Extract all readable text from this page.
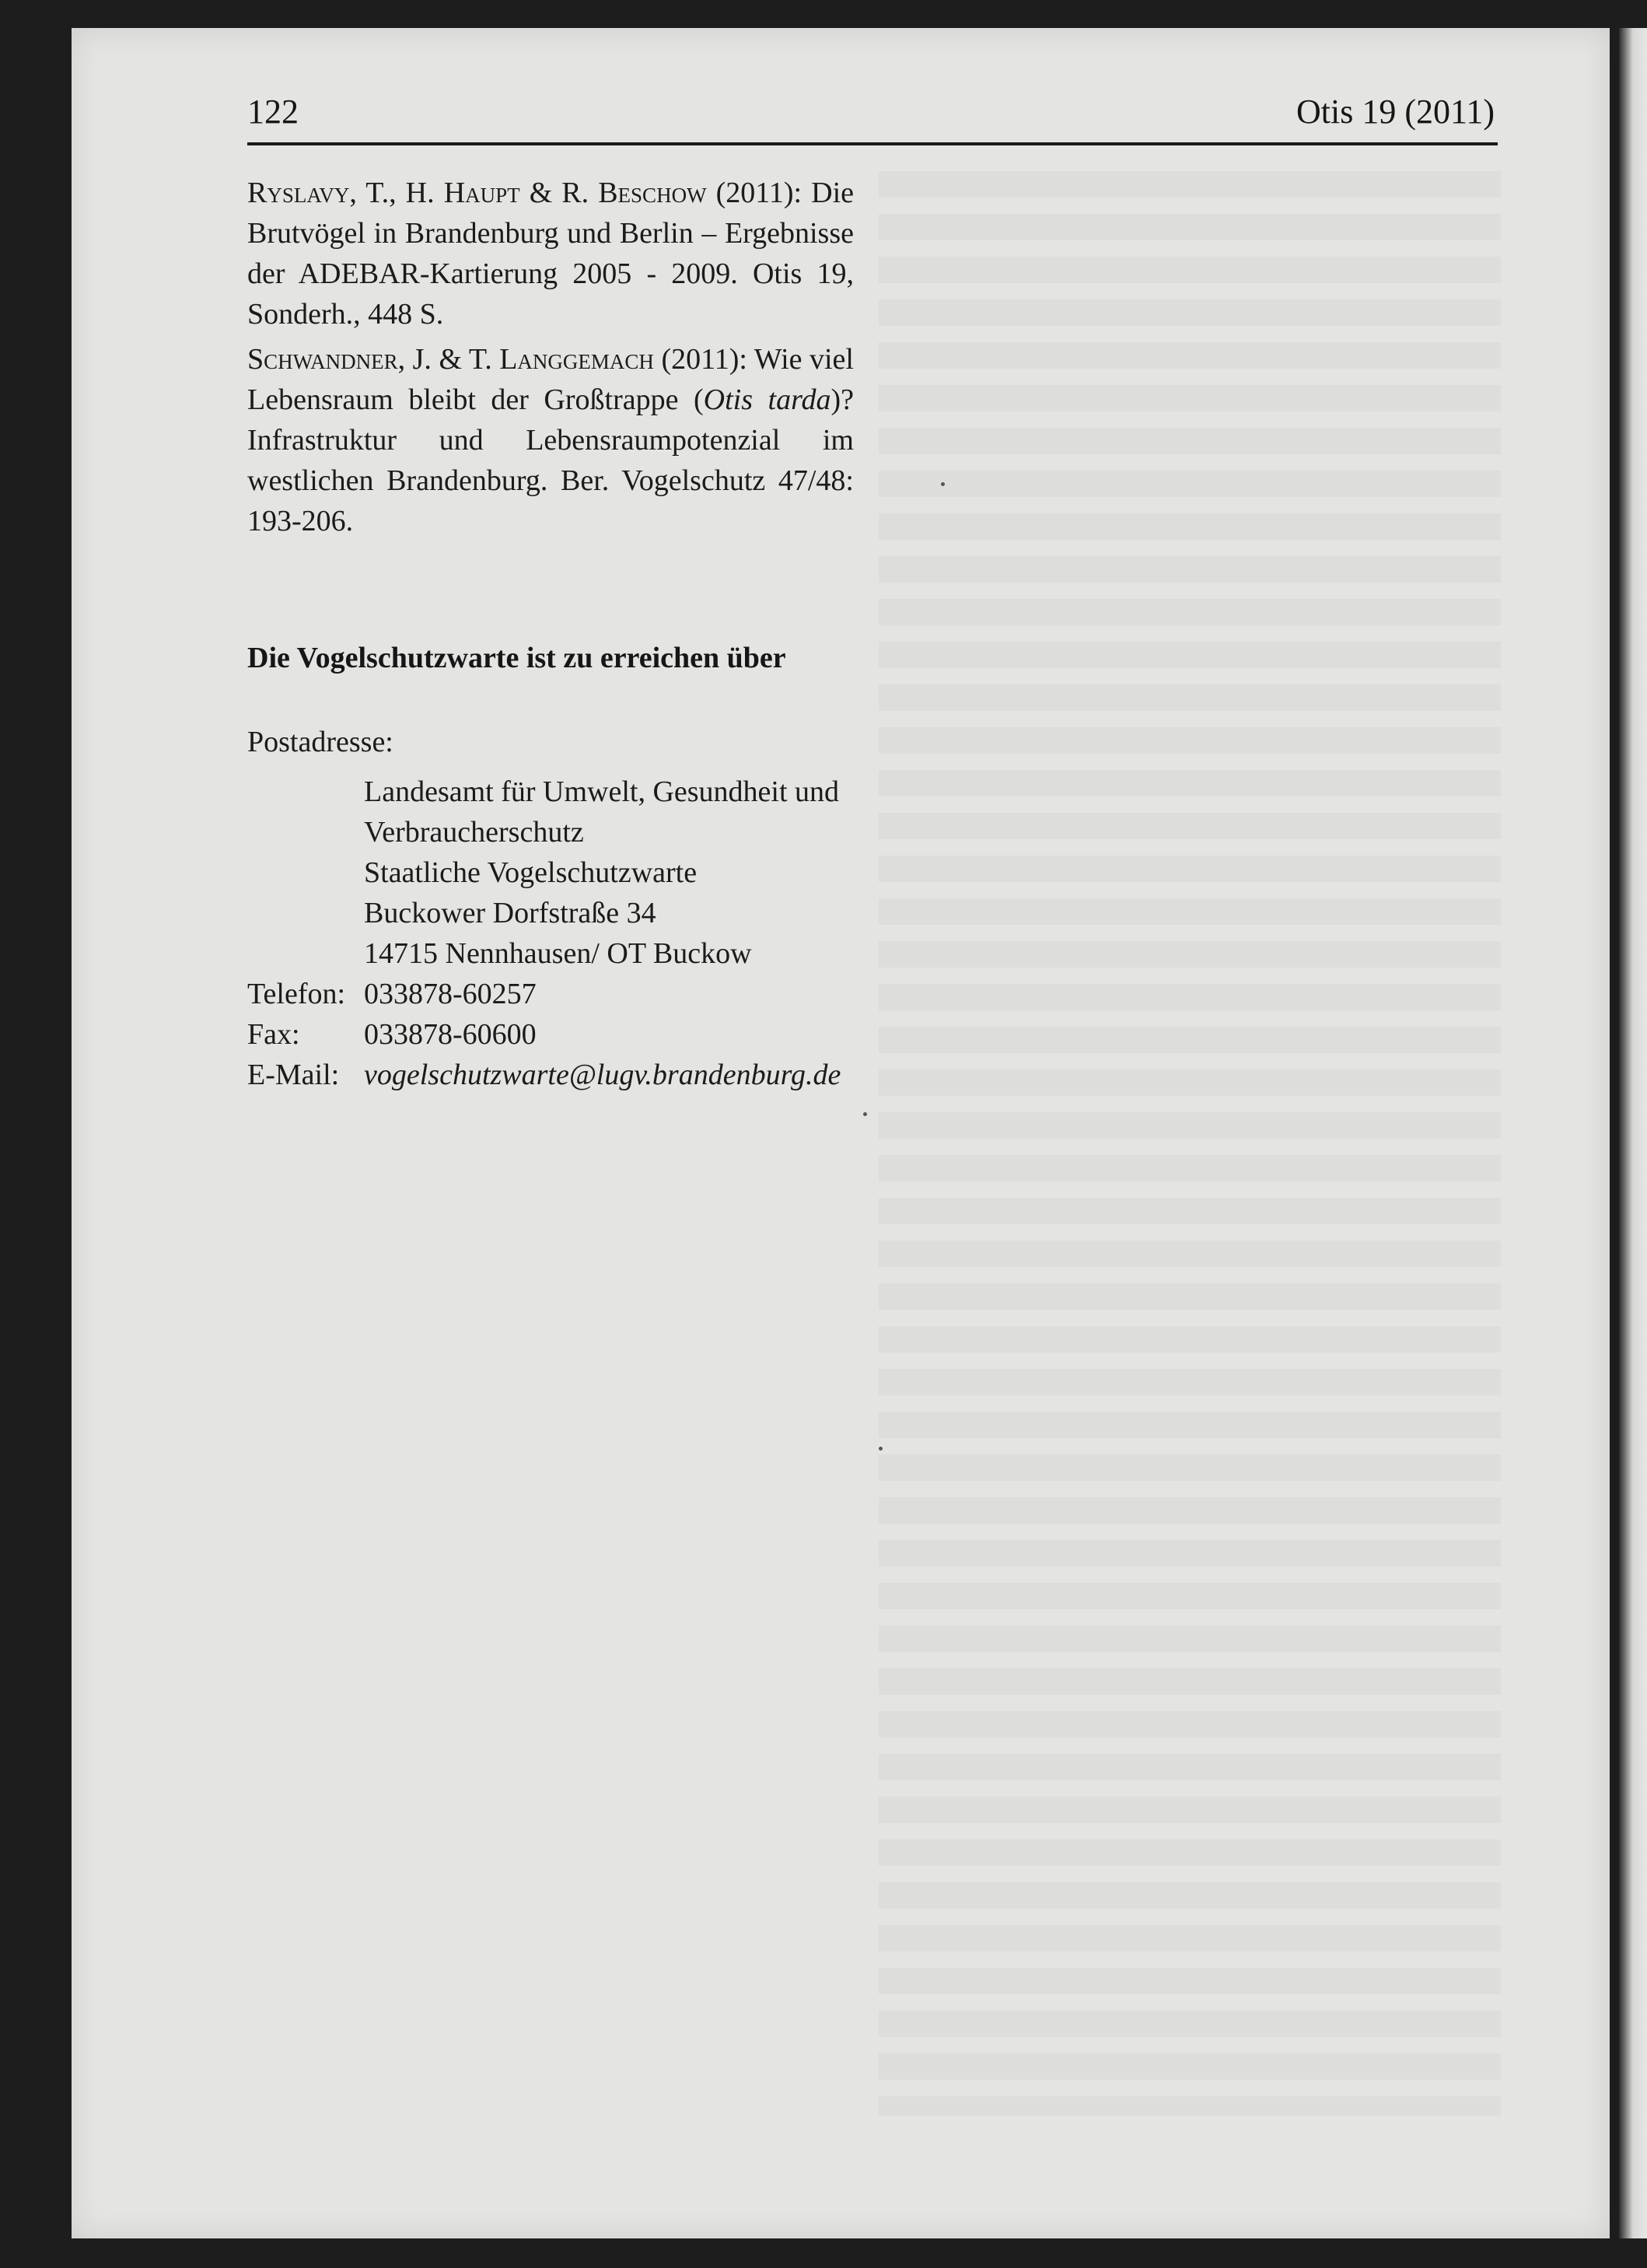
122	Otis 19 (2011)

Ryslavy, T., H. Haupt & R. Beschow (2011): Die Brutvögel in Brandenburg und Berlin – Ergebnisse der ADEBAR-Kartierung 2005 - 2009. Otis 19, Sonderh., 448 S.

Schwandner, J. & T. Langgemach (2011): Wie viel Lebensraum bleibt der Großtrappe (Otis tarda)? Infrastruktur und Lebensraumpotenzial im westlichen Brandenburg. Ber. Vogelschutz 47/48: 193-206.

Die Vogelschutzwarte ist zu erreichen über
Postadresse:
Landesamt für Umwelt, Gesundheit und
Verbraucherschutz
Staatliche Vogelschutzwarte
Buckower Dorfstraße 34
14715 Nennhausen/ OT Buckow
Telefon: 033878-60257
Fax:	033878-60600
E-Mail: vogelschutzwarte@lugv.brandenburg.de
